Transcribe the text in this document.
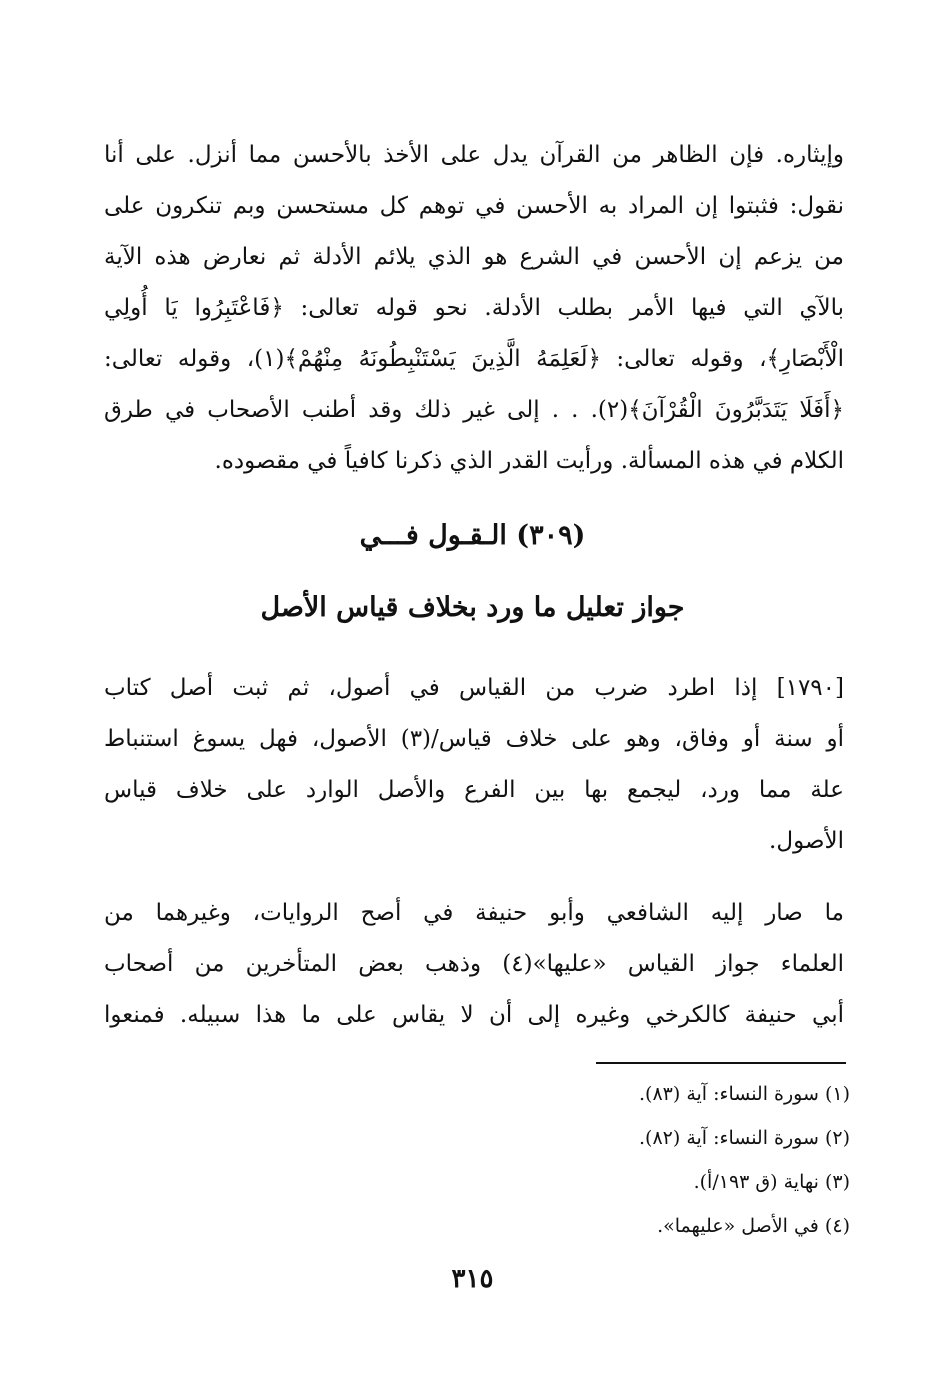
وإيثاره. فإن الظاهر من القرآن يدل على الأخذ بالأحسن مما أنزل. على أنا
نقول: فثبتوا إن المراد به الأحسن في توهم كل مستحسن وبم تنكرون على
من يزعم إن الأحسن في الشرع هو الذي يلائم الأدلة ثم نعارض هذه الآية
بالآي التي فيها الأمر بطلب الأدلة. نحو قوله تعالى: ﴿فَاعْتَبِرُوا يَا أُولِي
الْأَبْصَارِ﴾، وقوله تعالى: ﴿لَعَلِمَهُ الَّذِينَ يَسْتَنْبِطُونَهُ مِنْهُمْ﴾(١)، وقوله تعالى:
﴿أَفَلَا يَتَدَبَّرُونَ الْقُرْآنَ﴾(٢). . . إلى غير ذلك وقد أطنب الأصحاب في طرق
الكلام في هذه المسألة. ورأيت القدر الذي ذكرنا كافياً في مقصوده.
(٣٠٩) الـقـول فـــي
جواز تعليل ما ورد بخلاف قياس الأصل
[١٧٩٠] إذا اطرد ضرب من القياس في أصول، ثم ثبت أصل كتاب
أو سنة أو وفاق، وهو على خلاف قياس/(٣) الأصول، فهل يسوغ استنباط
علة مما ورد، ليجمع بها بين الفرع والأصل الوارد على خلاف قياس
الأصول.
ما صار إليه الشافعي وأبو حنيفة في أصح الروايات، وغيرهما من
العلماء جواز القياس «عليها»(٤) وذهب بعض المتأخرين من أصحاب
أبي حنيفة كالكرخي وغيره إلى أن لا يقاس على ما هذا سبيله. فمنعوا
(١) سورة النساء: آية (٨٣).
(٢) سورة النساء: آية (٨٢).
(٣) نهاية (ق ١٩٣/أ).
(٤) في الأصل «عليهما».
٣١٥
